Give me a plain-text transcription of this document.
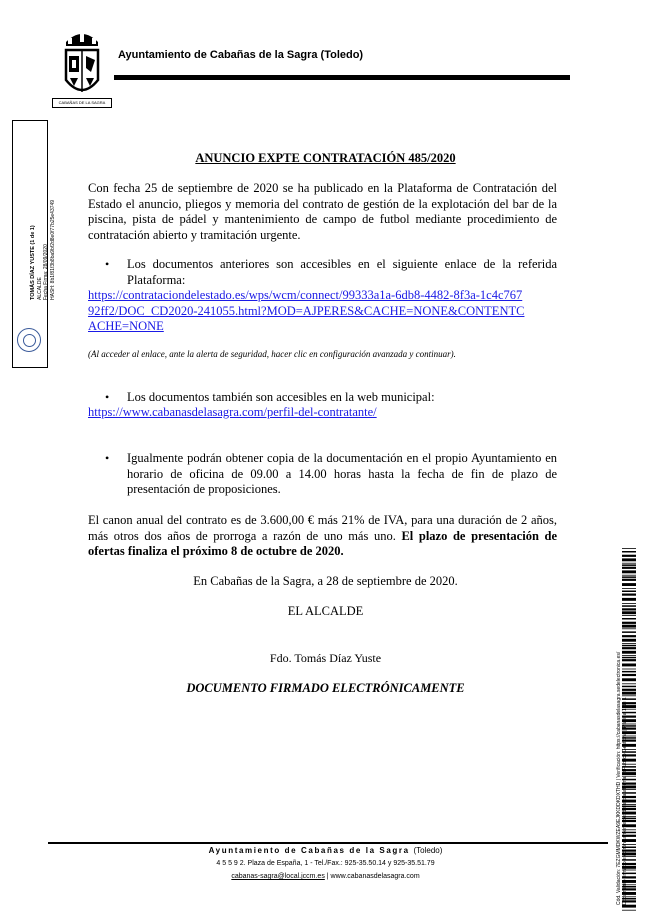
CABAÑAS DE LA SAGRA
Ayuntamiento de Cabañas de la Sagra (Toledo)
TOMÁS DÍAZ YUSTE (1 de 1) ALCALDE Fecha Firma: 28/09/2020 HASH: 8b1f81f3b8ba9bf2d8e0f77b25e43749
ANUNCIO EXPTE CONTRATACIÓN 485/2020
Con fecha 25 de septiembre de 2020 se ha publicado en la Plataforma de Contratación del Estado el anuncio, pliegos y memoria del contrato de gestión de la explotación del bar de la piscina, pista de pádel y mantenimiento de campo de futbol mediante procedimiento de contratación abierto y tramitación urgente.
• Los documentos anteriores son accesibles en el siguiente enlace de la referida Plataforma:
https://contrataciondelestado.es/wps/wcm/connect/99333a1a-6db8-4482-8f3a-1c4c76792ff2/DOC_CD2020-241055.html?MOD=AJPERES&CACHE=NONE&CONTENTCACHE=NONE
(Al acceder al enlace, ante la alerta de seguridad, hacer clic en configuración avanzada y continuar).
• Los documentos también son accesibles en la web municipal:
https://www.cabanasdelasagra.com/perfil-del-contratante/
• Igualmente podrán obtener copia de la documentación en el propio Ayuntamiento en horario de oficina de 09.00 a 14.00 horas hasta la fecha de fin de plazo de presentación de proposiciones.
El canon anual del contrato es de 3.600,00 € más 21% de IVA, para una duración de 2 años, más otros dos años de prorroga a razón de uno más uno. El plazo de presentación de ofertas finaliza el próximo 8 de octubre de 2020.
En Cabañas de la Sagra, a 28 de septiembre de 2020.
EL ALCALDE
Fdo. Tomás Díaz Yuste
DOCUMENTO FIRMADO ELECTRÓNICAMENTE
Ayuntamiento de Cabañas de la Sagra (Toledo)
4 5 5 9 2. Plaza de España, 1 - Tel./Fax.: 925-35.50.14 y 925-35.51.79
cabanas-sagra@local.jccm.es | www.cabanasdelasagra.com	Cód. Validación: 7EZGMMDKWZEA9EJKKDDKDXTHD | Verificación: https://cabanasdelasagra.sedelectronica.es/ Documento firmado electrónicamente desde la plataforma esPublico Gestiona | Página 1 de 1
